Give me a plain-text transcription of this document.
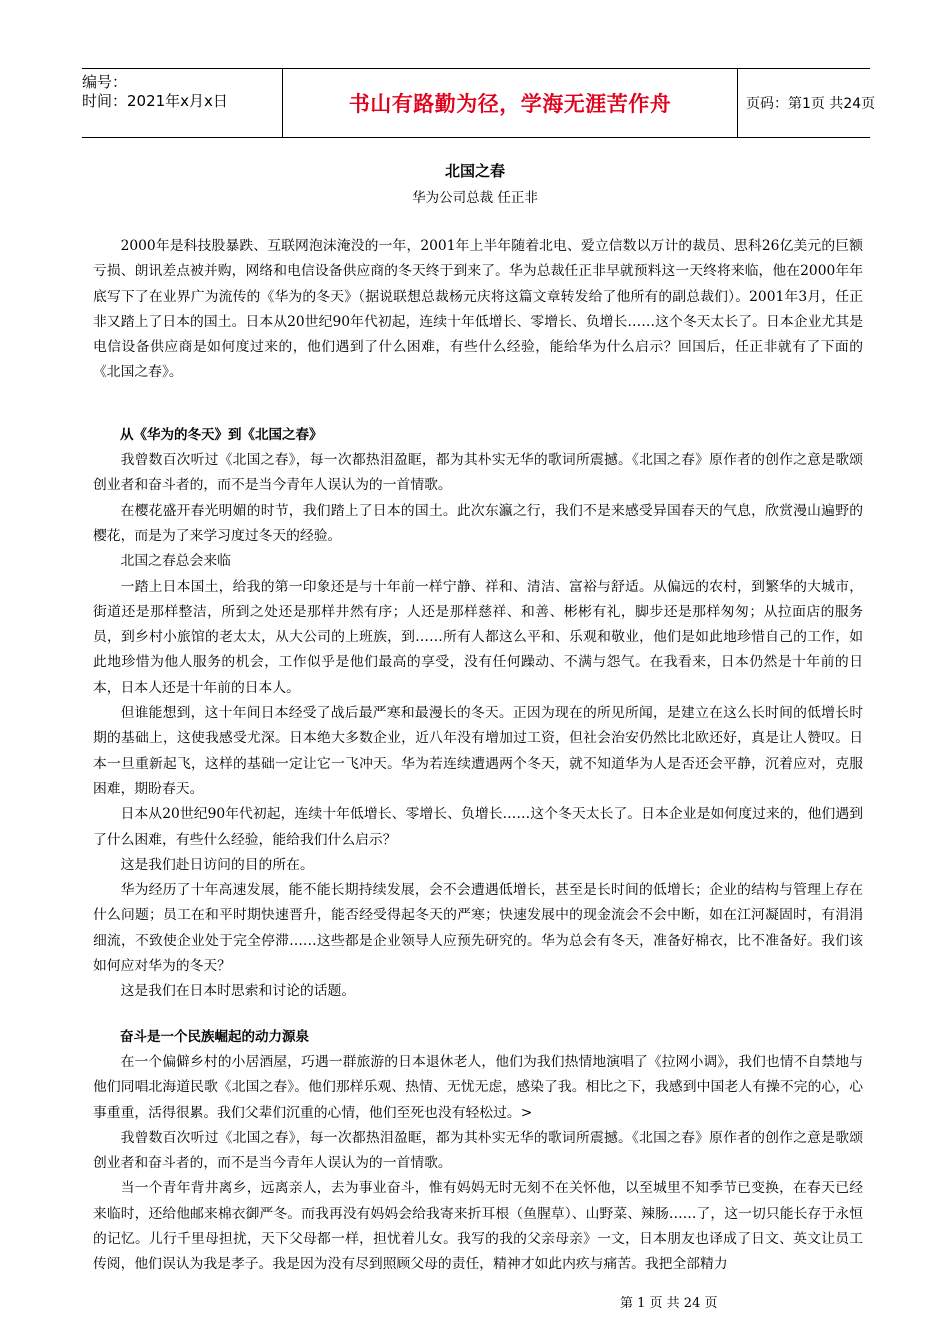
编号：
时间：2021年x月x日	书山有路勤为径，学海无涯苦作舟	页码：第1页 共24页
北国之春
华为公司总裁 任正非

2000年是科技股暴跌、互联网泡沫淹没的一年，2001年上半年随着北电、爱立信数以万计的裁员、思科26亿美元的巨额亏损、朗讯差点被并购，网络和电信设备供应商的冬天终于到来了。华为总裁任正非早就预料这一天终将来临，他在2000年年底写下了在业界广为流传的《华为的冬天》（据说联想总裁杨元庆将这篇文章转发给了他所有的副总裁们）。2001年3月，任正非又踏上了日本的国土。日本从20世纪90年代初起，连续十年低增长、零增长、负增长……这个冬天太长了。日本企业尤其是电信设备供应商是如何度过来的，他们遇到了什么困难，有些什么经验，能给华为什么启示？回国后，任正非就有了下面的《北国之春》。

从《华为的冬天》到《北国之春》

我曾数百次听过《北国之春》，每一次都热泪盈眶，都为其朴实无华的歌词所震撼。《北国之春》原作者的创作之意是歌颂创业者和奋斗者的，而不是当今青年人误认为的一首情歌。

在樱花盛开春光明媚的时节，我们踏上了日本的国土。此次东瀛之行，我们不是来感受异国春天的气息，欣赏漫山遍野的樱花，而是为了来学习度过冬天的经验。

北国之春总会来临

一踏上日本国土，给我的第一印象还是与十年前一样宁静、祥和、清洁、富裕与舒适。从偏远的农村，到繁华的大城市，街道还是那样整洁，所到之处还是那样井然有序；人还是那样慈祥、和善、彬彬有礼，脚步还是那样匆匆；从拉面店的服务员，到乡村小旅馆的老太太，从大公司的上班族，到……所有人都这么平和、乐观和敬业，他们是如此地珍惜自己的工作，如此地珍惜为他人服务的机会，工作似乎是他们最高的享受，没有任何躁动、不满与怨气。在我看来，日本仍然是十年前的日本，日本人还是十年前的日本人。

但谁能想到，这十年间日本经受了战后最严寒和最漫长的冬天。正因为现在的所见所闻，是建立在这么长时间的低增长时期的基础上，这使我感受尤深。日本绝大多数企业，近八年没有增加过工资，但社会治安仍然比北欧还好，真是让人赞叹。日本一旦重新起飞，这样的基础一定让它一飞冲天。华为若连续遭遇两个冬天，就不知道华为人是否还会平静，沉着应对，克服困难，期盼春天。

日本从20世纪90年代初起，连续十年低增长、零增长、负增长……这个冬天太长了。日本企业是如何度过来的，他们遇到了什么困难，有些什么经验，能给我们什么启示？

这是我们赴日访问的目的所在。

华为经历了十年高速发展，能不能长期持续发展，会不会遭遇低增长，甚至是长时间的低增长；企业的结构与管理上存在什么问题；员工在和平时期快速晋升，能否经受得起冬天的严寒；快速发展中的现金流会不会中断，如在江河凝固时，有涓涓细流，不致使企业处于完全停滞……这些都是企业领导人应预先研究的。华为总会有冬天，准备好棉衣，比不准备好。我们该如何应对华为的冬天？

这是我们在日本时思索和讨论的话题。

奋斗是一个民族崛起的动力源泉

在一个偏僻乡村的小居酒屋，巧遇一群旅游的日本退休老人，他们为我们热情地演唱了《拉网小调》，我们也情不自禁地与他们同唱北海道民歌《北国之春》。他们那样乐观、热情、无忧无虑，感染了我。相比之下，我感到中国老人有操不完的心，心事重重，活得很累。我们父辈们沉重的心情，他们至死也没有轻松过。>

我曾数百次听过《北国之春》，每一次都热泪盈眶，都为其朴实无华的歌词所震撼。《北国之春》原作者的创作之意是歌颂创业者和奋斗者的，而不是当今青年人误认为的一首情歌。

当一个青年背井离乡，远离亲人，去为事业奋斗，惟有妈妈无时无刻不在关怀他，以至城里不知季节已变换，在春天已经来临时，还给他邮来棉衣御严冬。而我再没有妈妈会给我寄来折耳根（鱼腥草）、山野菜、辣肠……了，这一切只能长存于永恒的记忆。儿行千里母担扰，天下父母都一样，担忧着儿女。我写的我的父亲母亲》一文，日本朋友也译成了日文、英文让员工传阅，他们误认为我是孝子。我是因为没有尽到照顾父母的责任，精神才如此内疚与痛苦。我把全部精力

第 1 页 共 24 页
